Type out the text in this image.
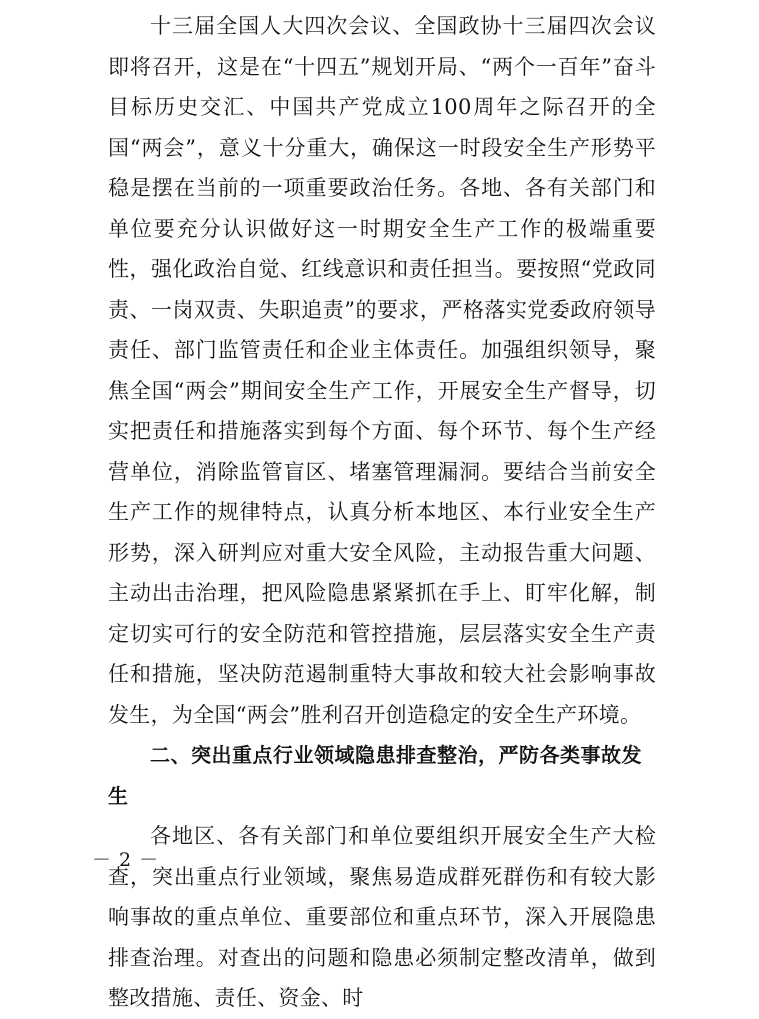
十三届全国人大四次会议、全国政协十三届四次会议即将召开，这是在“十四五”规划开局、“两个一百年”奋斗目标历史交汇、中国共产党成立100周年之际召开的全国“两会”，意义十分重大，确保这一时段安全生产形势平稳是摆在当前的一项重要政治任务。各地、各有关部门和单位要充分认识做好这一时期安全生产工作的极端重要性，强化政治自觉、红线意识和责任担当。要按照“党政同责、一岗双责、失职追责”的要求，严格落实党委政府领导责任、部门监管责任和企业主体责任。加强组织领导，聚焦全国“两会”期间安全生产工作，开展安全生产督导，切实把责任和措施落实到每个方面、每个环节、每个生产经营单位，消除监管盲区、堵塞管理漏洞。要结合当前安全生产工作的规律特点，认真分析本地区、本行业安全生产形势，深入研判应对重大安全风险，主动报告重大问题、主动出击治理，把风险隐患紧紧抓在手上、盯牢化解，制定切实可行的安全防范和管控措施，层层落实安全生产责任和措施，坚决防范遏制重特大事故和较大社会影响事故发生，为全国“两会”胜利召开创造稳定的安全生产环境。

二、突出重点行业领域隐患排查整治，严防各类事故发生

各地区、各有关部门和单位要组织开展安全生产大检查，突出重点行业领域，聚焦易造成群死群伤和有较大影响事故的重点单位、重要部位和重点环节，深入开展隐患排查治理。对查出的问题和隐患必须制定整改清单，做到整改措施、责任、资金、时

－ 2 －
